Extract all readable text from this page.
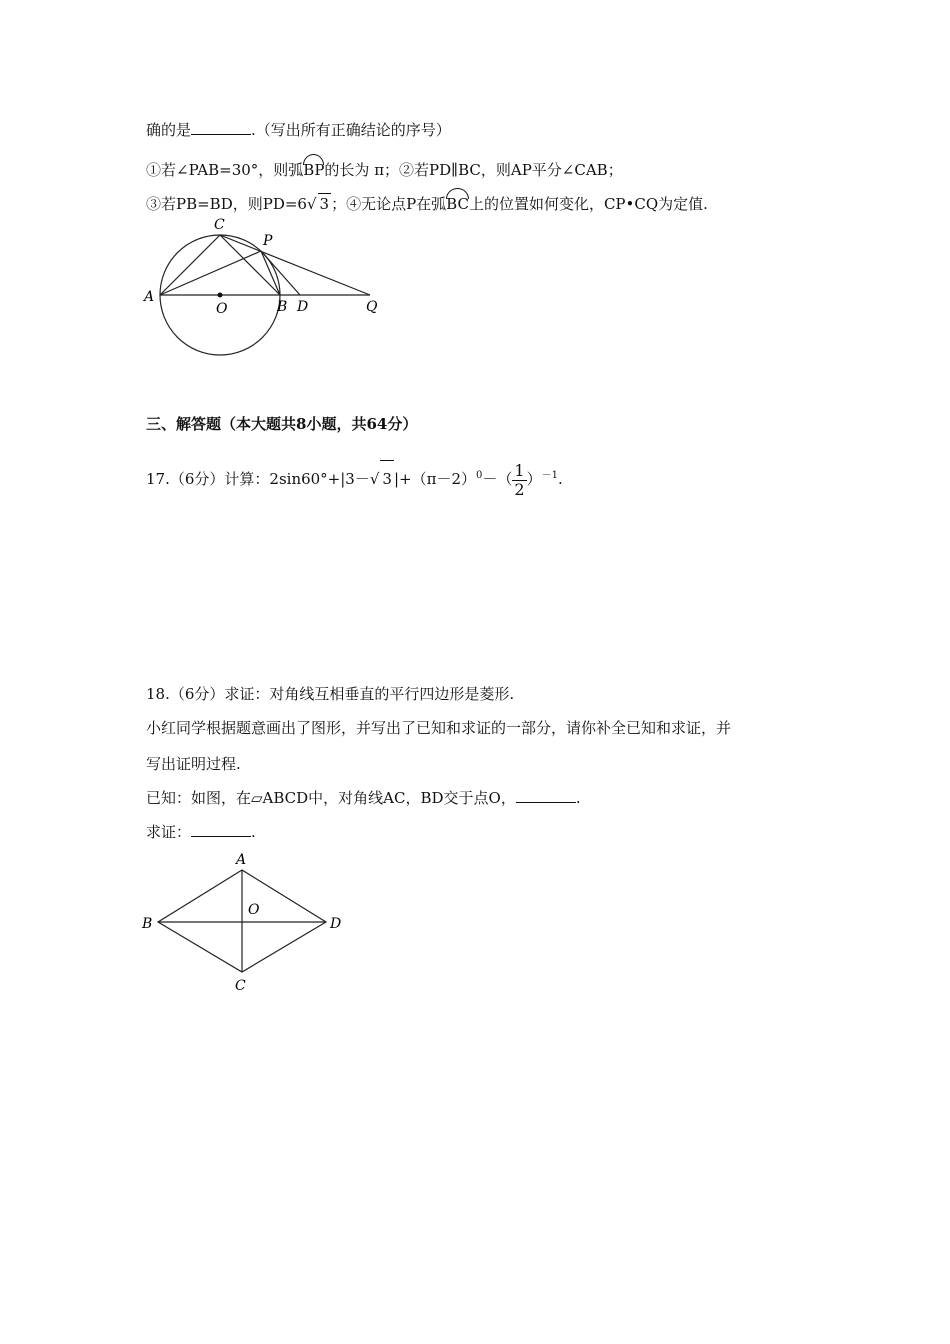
确的是	.（写出所有正确结论的序号）
①若∠PAB=30°，则弧BP的长为 π；②若PD∥BC，则AP平分∠CAB；
③若PB=BD，则PD=6√ 3 ；④无论点P在弧BC上的位置如何变化，CP•CQ为定值.
A
C
P
O	B D	Q
三、解答题（本大题共8小题，共64分）
17.（6分）计算：2sin60°+|3－√ 3 $|+(\pi-2)^0-( \frac{1}{2} )^{-1}$.
18.（6分）求证：对角线互相垂直的平行四边形是菱形.
小红同学根据题意画出了图形，并写出了已知和求证的一部分，请你补全已知和求证，并
写出证明过程.
已知：如图，在▱ABCD中，对角线AC，BD交于点O，	.
求证：	.
A
B
C
D
O
